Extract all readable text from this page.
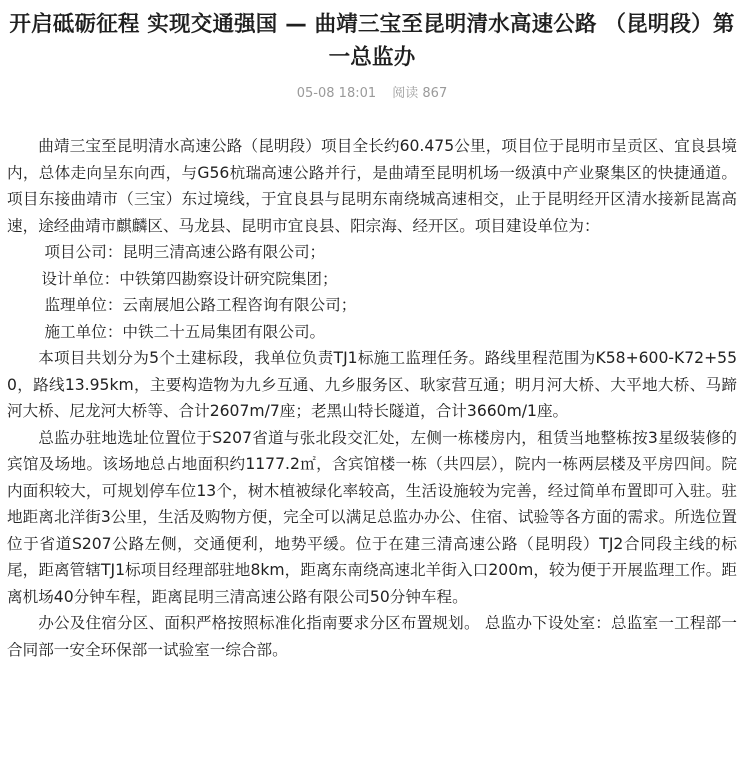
开启砥砺征程 实现交通强国 — 曲靖三宝至昆明清水高速公路 （昆明段）第一总监办
05-08 18:01 阅读 867

曲靖三宝至昆明清水高速公路（昆明段）项目全长约60.475公里，项目位于昆明市呈贡区、宜良县境内，总体走向呈东向西，与G56杭瑞高速公路并行，是曲靖至昆明机场一级滇中产业聚集区的快捷通道。项目东接曲靖市（三宝）东过境线，于宜良县与昆明东南绕城高速相交，止于昆明经开区清水接新昆嵩高速，途经曲靖市麒麟区、马龙县、昆明市宜良县、阳宗海、经开区。项目建设单位为：

项目公司：昆明三清高速公路有限公司；

设计单位：中铁第四勘察设计研究院集团；

监理单位：云南展旭公路工程咨询有限公司；

施工单位：中铁二十五局集团有限公司。

本项目共划分为5个土建标段，我单位负责TJ1标施工监理任务。路线里程范围为K58+600-K72+550，路线13.95km，主要构造物为九乡互通、九乡服务区、耿家营互通；明月河大桥、大平地大桥、马蹄河大桥、尼龙河大桥等、合计2607m/7座；老黑山特长隧道，合计3660m/1座。

总监办驻地选址位置位于S207省道与张北段交汇处，左侧一栋楼房内，租赁当地整栋按3星级装修的宾馆及场地。该场地总占地面积约1177.2㎡，含宾馆楼一栋（共四层），院内一栋两层楼及平房四间。院内面积较大，可规划停车位13个，树木植被绿化率较高，生活设施较为完善，经过简单布置即可入驻。驻地距离北洋街3公里，生活及购物方便，完全可以满足总监办办公、住宿、试验等各方面的需求。所选位置位于省道S207公路左侧，交通便利，地势平缓。位于在建三清高速公路（昆明段）TJ2合同段主线的标尾，距离管辖TJ1标项目经理部驻地8km，距离东南绕高速北羊街入口200m，较为便于开展监理工作。距离机场40分钟车程，距离昆明三清高速公路有限公司50分钟车程。

办公及住宿分区、面积严格按照标准化指南要求分区布置规划。 总监办下设处室：总监室一工程部一合同部一安全环保部一试验室一综合部。
